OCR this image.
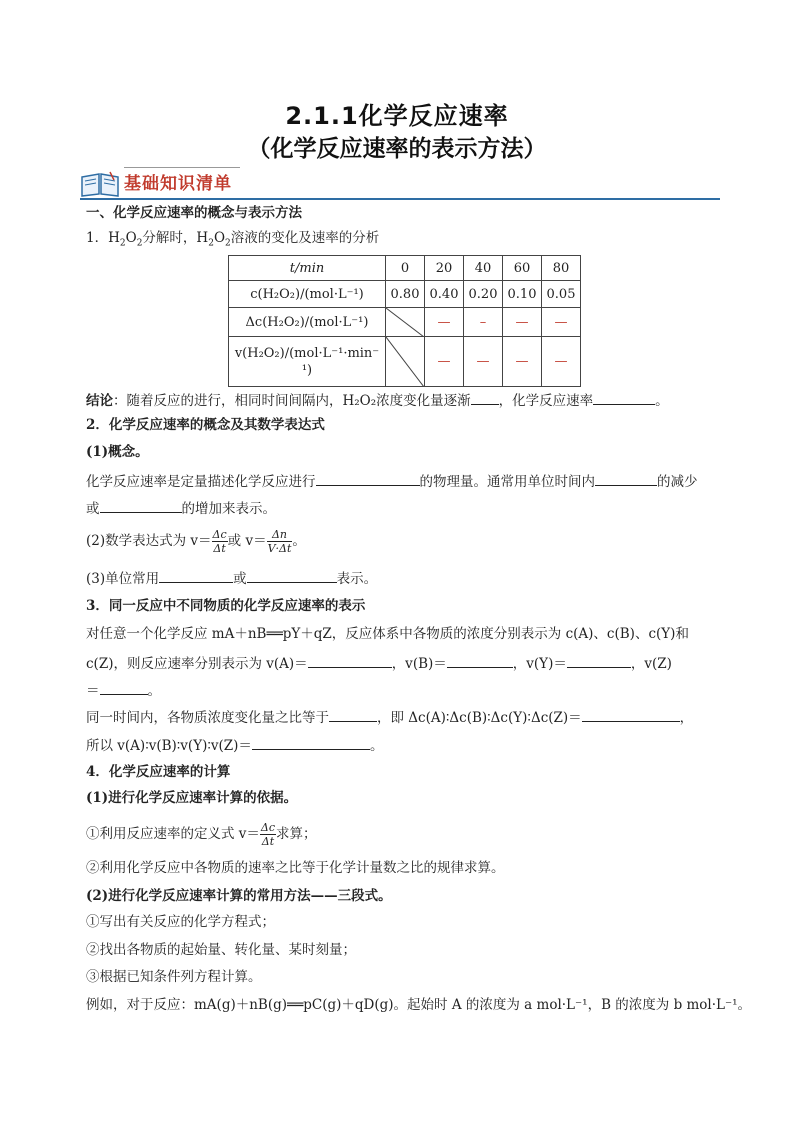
2.1.1化学反应速率
（化学反应速率的表示方法）
基础知识清单
一、化学反应速率的概念与表示方法
1．$H_2O_2$分解时，$H_2O_2$溶液的变化及速率的分析
t/min	0	20	40	60	80
c(H₂O₂)/(mol·L⁻¹)	0.80	0.40	0.20	0.10	0.05
Δc(H₂O₂)/(mol·L⁻¹)		—	–	—	—
v(H₂O₂)/(mol·L⁻¹·min⁻
¹)		—	—	—	—
结论：随着反应的进行，相同时间间隔内，H₂O₂浓度变化量逐渐 ，化学反应速率	。
2．化学反应速率的概念及其数学表达式
(1)概念。
化学反应速率是定量描述化学反应进行	的物理量。通常用单位时间内	的减少
或	的增加来表示。
(2)数学表达式为 $v= \frac{\Delta c}{\Delta t}$ 或 $v= \frac{\Delta n}{V\cdot\Delta t}$ 。
(3)单位常用	或	表示。
3．同一反应中不同物质的化学反应速率的表示
对任意一个化学反应 mA＋nB══pY＋qZ，反应体系中各物质的浓度分别表示为 c(A)、c(B)、c(Y)和
c(Z)，则反应速率分别表示为 v(A)＝	，v(B)＝	，v(Y)＝	，v(Z)
＝	。
同一时间内，各物质浓度变化量之比等于	，即 Δc(A)∶Δc(B)∶Δc(Y)∶Δc(Z)＝	，
所以 v(A)∶v(B)∶v(Y)∶v(Z)＝	。
4．化学反应速率的计算
(1)进行化学反应速率计算的依据。
①利用反应速率的定义式 $v= \frac{\Delta c}{\Delta t}$ 求算；
②利用化学反应中各物质的速率之比等于化学计量数之比的规律求算。
(2)进行化学反应速率计算的常用方法——三段式。
①写出有关反应的化学方程式；
②找出各物质的起始量、转化量、某时刻量；
③根据已知条件列方程计算。
例如，对于反应：mA(g)＋nB(g)══pC(g)＋qD(g)。起始时 A 的浓度为 a mol·L⁻¹，B 的浓度为 b mol·L⁻¹。
